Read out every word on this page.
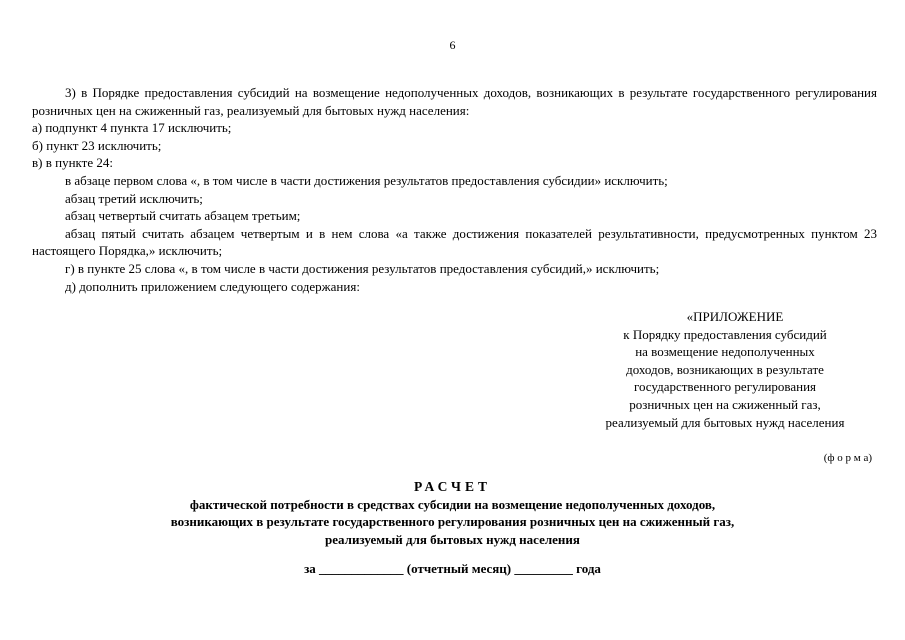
6

3) в Порядке предоставления субсидий на возмещение недополученных доходов, возникающих в результате государственного регулирования розничных цен на сжиженный газ, реализуемый для бытовых нужд населения:

а) подпункт 4 пункта 17 исключить;

б) пункт 23 исключить;

в) в пункте 24:

в абзаце первом слова «, в том числе в части достижения результатов предоставления субсидии» исключить;

абзац третий исключить;

абзац четвертый считать абзацем третьим;

абзац пятый считать абзацем четвертым и в нем слова «а также достижения показателей результативности, предусмотренных пунктом 23 настоящего Порядка,» исключить;

г) в пункте 25 слова «, в том числе в части достижения результатов предоставления субсидий,» исключить;

д) дополнить приложением следующего содержания:

«ПРИЛОЖЕНИЕ
к Порядку предоставления субсидий
на возмещение недополученных
доходов, возникающих в результате
государственного регулирования
розничных цен на сжиженный газ,
реализуемый для бытовых нужд населения
(ф о р м а)
РАСЧЕТ
фактической потребности в средствах субсидии на возмещение недополученных доходов,
возникающих в результате государственного регулирования розничных цен на сжиженный газ,
реализуемый для бытовых нужд населения
за _____________ (отчетный месяц) _________ года
